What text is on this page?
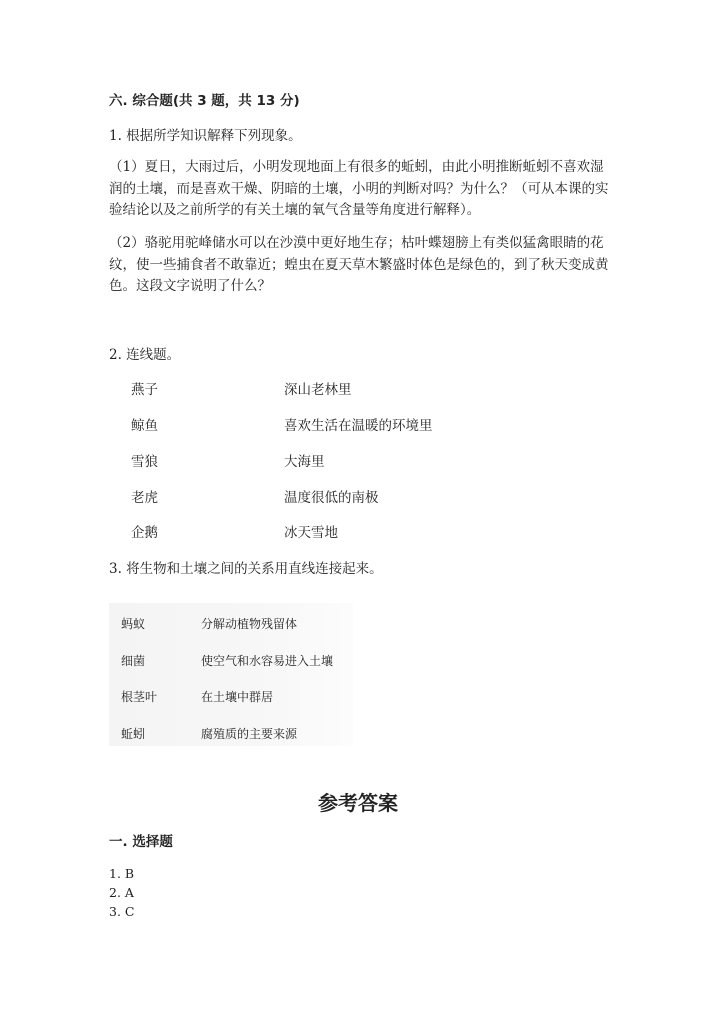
六. 综合题(共 3 题，共 13 分)
1. 根据所学知识解释下列现象。
（1）夏日，大雨过后，小明发现地面上有很多的蚯蚓，由此小明推断蚯蚓不喜欢湿润的土壤，而是喜欢干燥、阴暗的土壤，小明的判断对吗？为什么？（可从本课的实验结论以及之前所学的有关土壤的氧气含量等角度进行解释）。
（2）骆驼用驼峰储水可以在沙漠中更好地生存；枯叶蝶翅膀上有类似猛禽眼睛的花纹，使一些捕食者不敢靠近；蝗虫在夏天草木繁盛时体色是绿色的，到了秋天变成黄色。这段文字说明了什么？
2. 连线题。
燕子	深山老林里
鲸鱼	喜欢生活在温暖的环境里
雪狼	大海里
老虎	温度很低的南极
企鹅	冰天雪地
3. 将生物和土壤之间的关系用直线连接起来。
蚂蚁	分解动植物残留体
细菌	使空气和水容易进入土壤
根茎叶	在土壤中群居
蚯蚓	腐殖质的主要来源
参考答案
一. 选择题
1. B
2. A
3. C
